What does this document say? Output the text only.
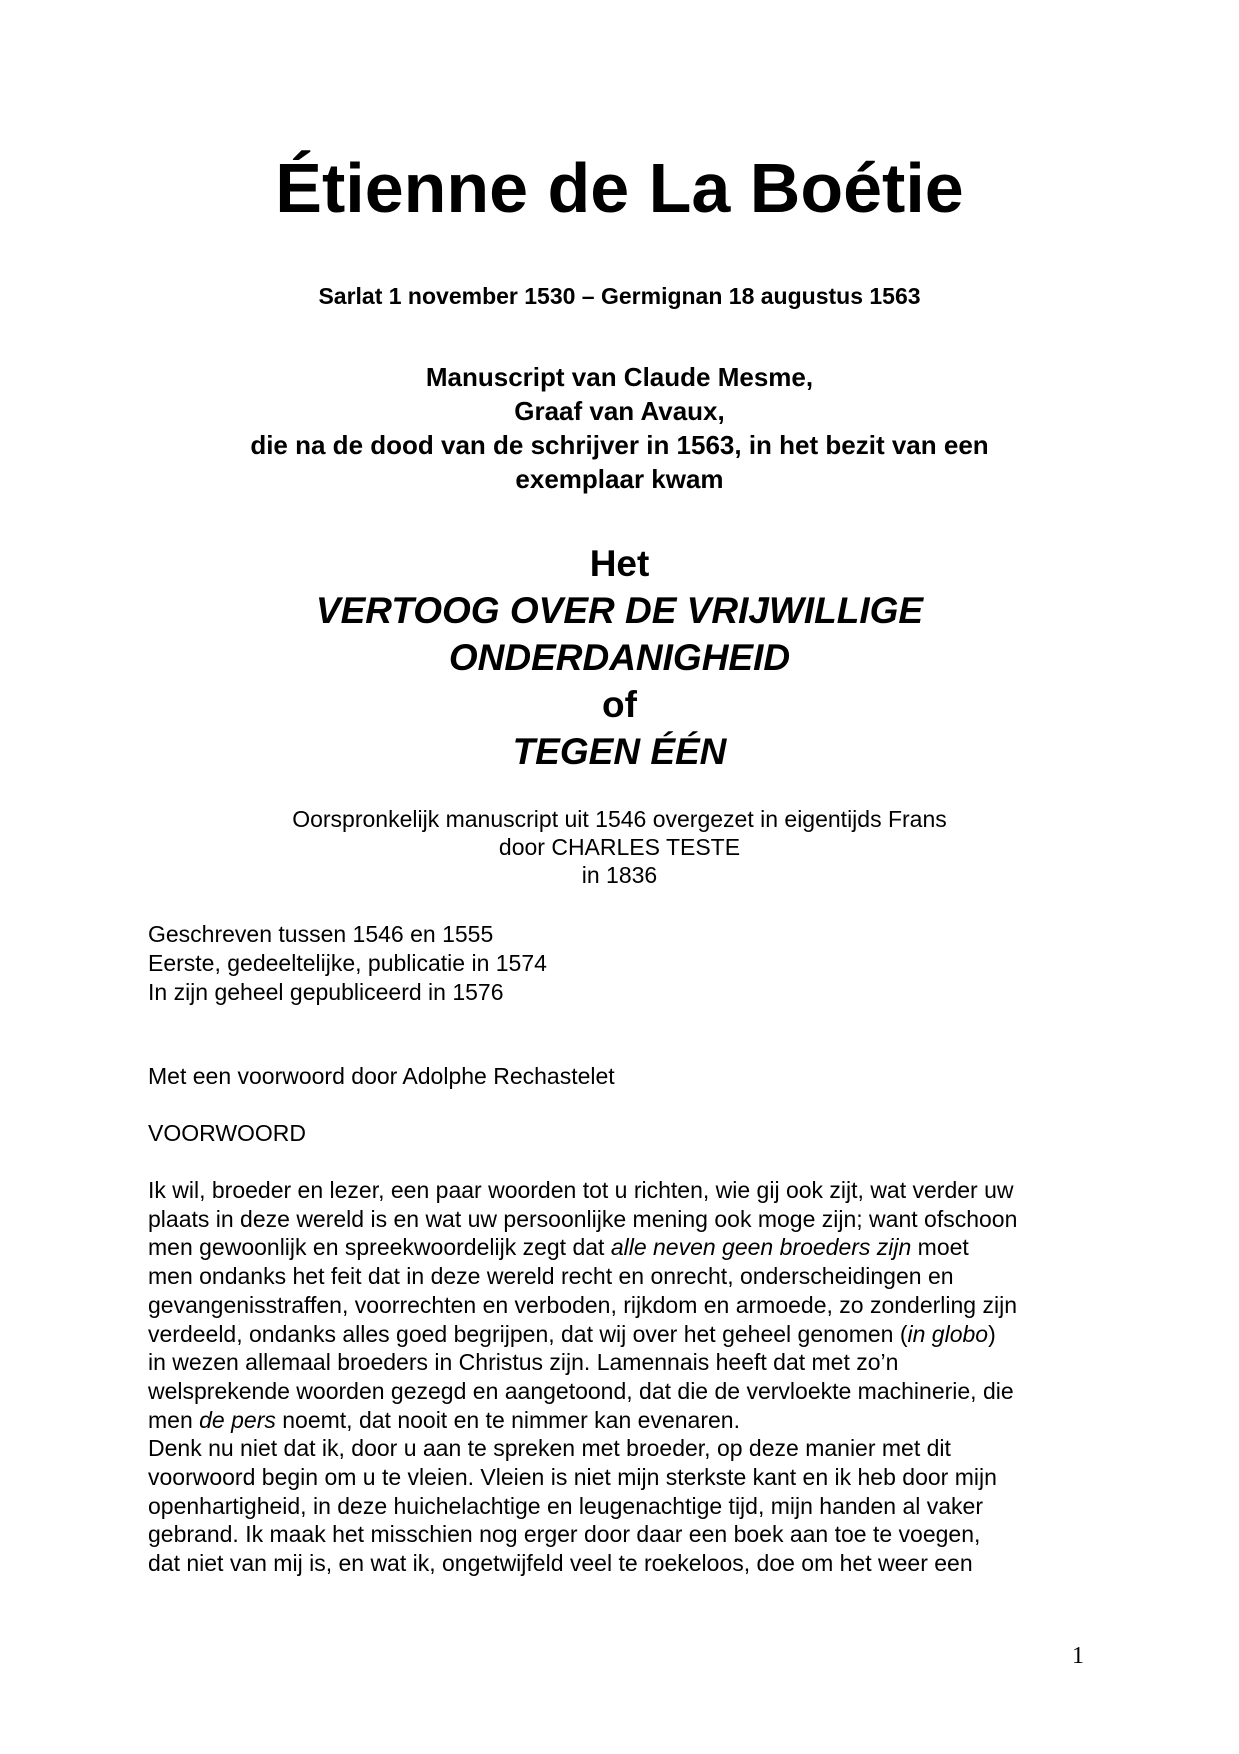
Étienne de La Boétie
Sarlat 1 november 1530 – Germignan 18 augustus 1563
Manuscript van Claude Mesme,
Graaf van Avaux,
die na de dood van de schrijver in 1563, in het bezit van een
exemplaar kwam
Het
VERTOOG OVER DE VRIJWILLIGE
ONDERDANIGHEID
of
TEGEN ÉÉN
Oorspronkelijk manuscript uit 1546 overgezet in eigentijds Frans
door CHARLES TESTE
in 1836
Geschreven tussen 1546 en 1555
Eerste, gedeeltelijke, publicatie in 1574
In zijn geheel gepubliceerd in 1576
Met een voorwoord door Adolphe Rechastelet
VOORWOORD
Ik wil, broeder en lezer, een paar woorden tot u richten, wie gij ook zijt, wat verder uw
plaats in deze wereld is en wat uw persoonlijke mening ook moge zijn; want ofschoon
men gewoonlijk en spreekwoordelijk zegt dat alle neven geen broeders zijn moet
men ondanks het feit dat in deze wereld recht en onrecht, onderscheidingen en
gevangenisstraffen, voorrechten en verboden, rijkdom en armoede, zo zonderling zijn
verdeeld, ondanks alles goed begrijpen, dat wij over het geheel genomen (in globo)
in wezen allemaal broeders in Christus zijn. Lamennais heeft dat met zo’n
welsprekende woorden gezegd en aangetoond, dat die de vervloekte machinerie, die
men de pers noemt, dat nooit en te nimmer kan evenaren.
Denk nu niet dat ik, door u aan te spreken met broeder, op deze manier met dit
voorwoord begin om u te vleien. Vleien is niet mijn sterkste kant en ik heb door mijn
openhartigheid, in deze huichelachtige en leugenachtige tijd, mijn handen al vaker
gebrand. Ik maak het misschien nog erger door daar een boek aan toe te voegen,
dat niet van mij is, en wat ik, ongetwijfeld veel te roekeloos, doe om het weer een
1
